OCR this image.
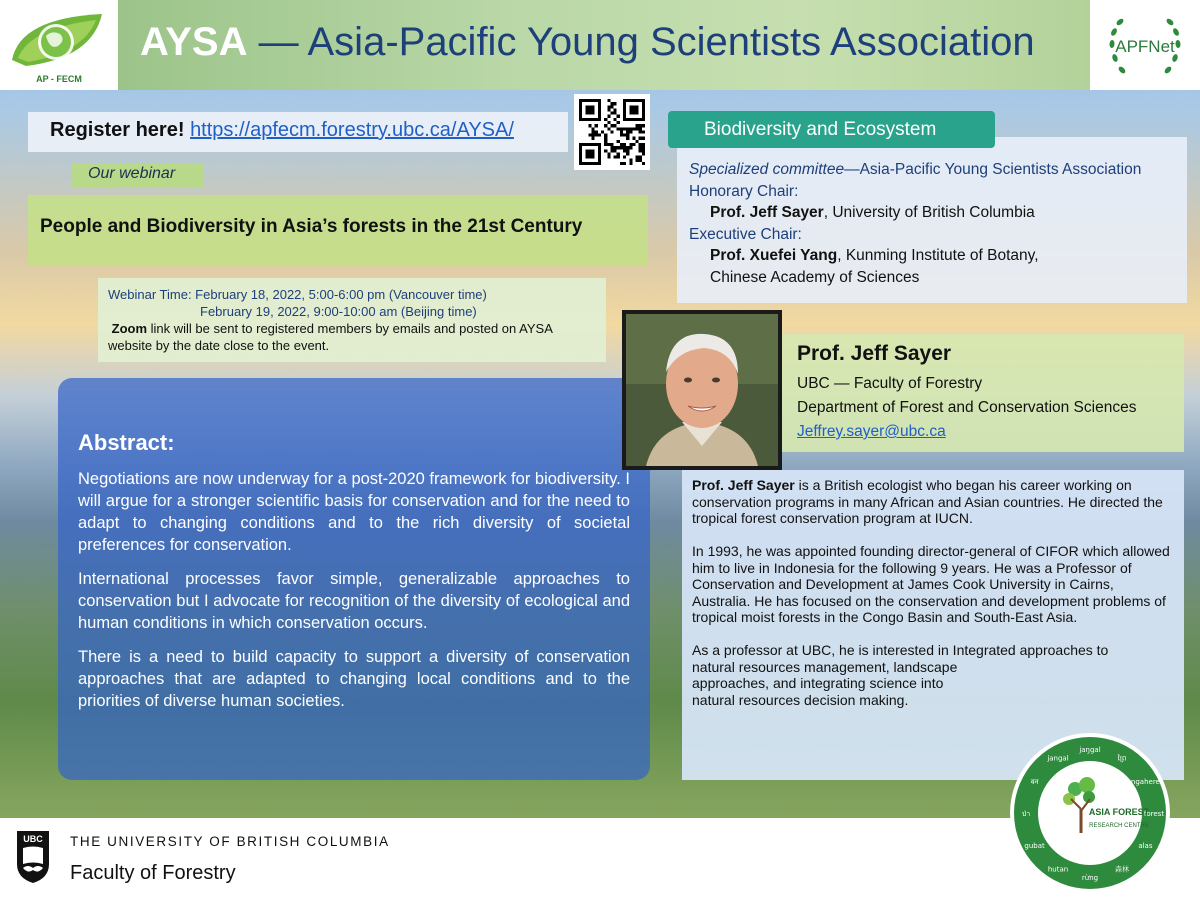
AP - FECM
AYSA — Asia-Pacific Young Scientists Association	APFNet
Register here! https://apfecm.forestry.ubc.ca/AYSA/
Our webinar
People and Biodiversity in Asia’s forests in the 21st Century
Webinar Time: February 18, 2022, 5:00-6:00 pm (Vancouver time)
February 19, 2022, 9:00-10:00 am (Beijing time)
Zoom link will be sent to registered members by emails and posted on AYSA website by the date close to the event.
Abstract:

Negotiations are now underway for a post-2020 framework for biodiversity. I will argue for a stronger scientific basis for conservation and for the need to adapt to changing conditions and to the rich diversity of societal preferences for conservation.

International processes favor simple, generalizable approaches to conservation but I advocate for recognition of the diversity of ecological and human conditions in which conservation occurs.

There is a need to build capacity to support a diversity of conservation approaches that are adapted to changing local conditions and to the priorities of diverse human societies.

Specialized committee—Asia-Pacific Young Scientists Association
Honorary Chair:
Prof. Jeff Sayer, University of British Columbia
Executive Chair:
Prof. Xuefei Yang, Kunming Institute of Botany,
Chinese Academy of Sciences
Biodiversity and Ecosystem
Prof. Jeff Sayer
UBC — Faculty of Forestry
Department of Forest and Conservation Sciences
Jeffrey.sayer@ubc.ca

Prof. Jeff Sayer is a British ecologist who began his career working on conservation programs in many African and Asian countries. He directed the tropical forest conservation program at IUCN.

In 1993, he was appointed founding director-general of CIFOR which allowed him to live in Indonesia for the following 9 years. He was a Professor of Conservation and Development at James Cook University in Cairns, Australia. He has focused on the conservation and development problems of tropical moist forests in the Congo Basin and South-East Asia.

As a professor at UBC, he is interested in Integrated approaches to
natural resources management, landscape
approaches, and integrating science into
natural resources decision making.

UBC THE UNIVERSITY OF BRITISH COLUMBIA
Faculty of Forestry
jaŋgal
ព្រៃ
ngahere
forest
alas
森林
rừng
hutan
gubat
ป่า
वन
jangal
ASIA FOREST
RESEARCH CENTRE
